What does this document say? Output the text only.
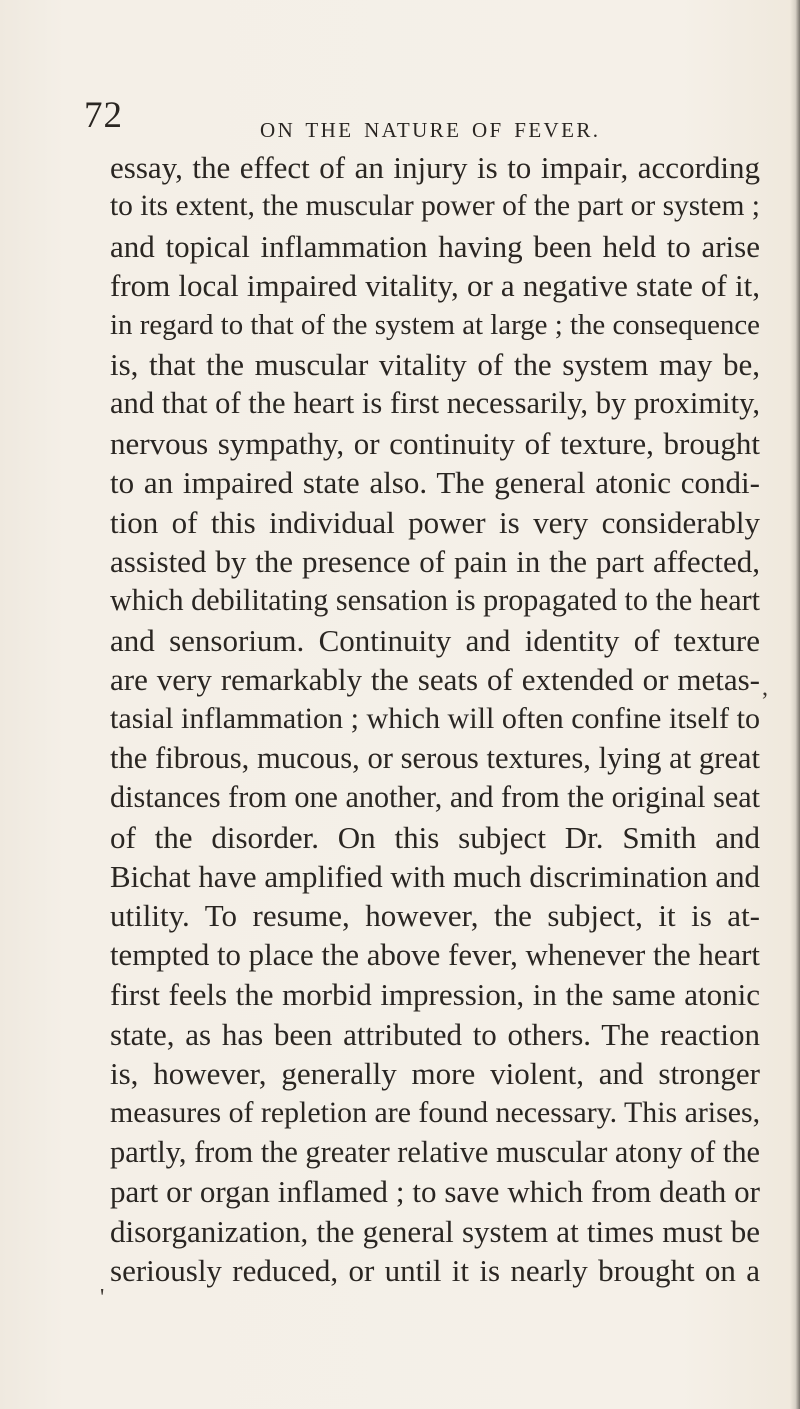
72	ON THE NATURE OF FEVER.
essay, the effect of an injury is to impair, according
to its extent, the muscular power of the part or system ;
and topical inflammation having been held to arise
from local impaired vitality, or a negative state of it,
in regard to that of the system at large ; the consequence
is, that the muscular vitality of the system may be,
and that of the heart is first necessarily, by proximity,
nervous sympathy, or continuity of texture, brought
to an impaired state also. The general atonic condi-
tion of this individual power is very considerably
assisted by the presence of pain in the part affected,
which debilitating sensation is propagated to the heart
and sensorium. Continuity and identity of texture
are very remarkably the seats of extended or metas-
tasial inflammation ; which will often confine itself to
the fibrous, mucous, or serous textures, lying at great
distances from one another, and from the original seat
of the disorder. On this subject Dr. Smith and
Bichat have amplified with much discrimination and
utility. To resume, however, the subject, it is at-
tempted to place the above fever, whenever the heart
first feels the morbid impression, in the same atonic
state, as has been attributed to others. The reaction
is, however, generally more violent, and stronger
measures of repletion are found necessary. This arises,
partly, from the greater relative muscular atony of the
part or organ inflamed ; to save which from death or
disorganization, the general system at times must be
seriously reduced, or until it is nearly brought on a
,
'
